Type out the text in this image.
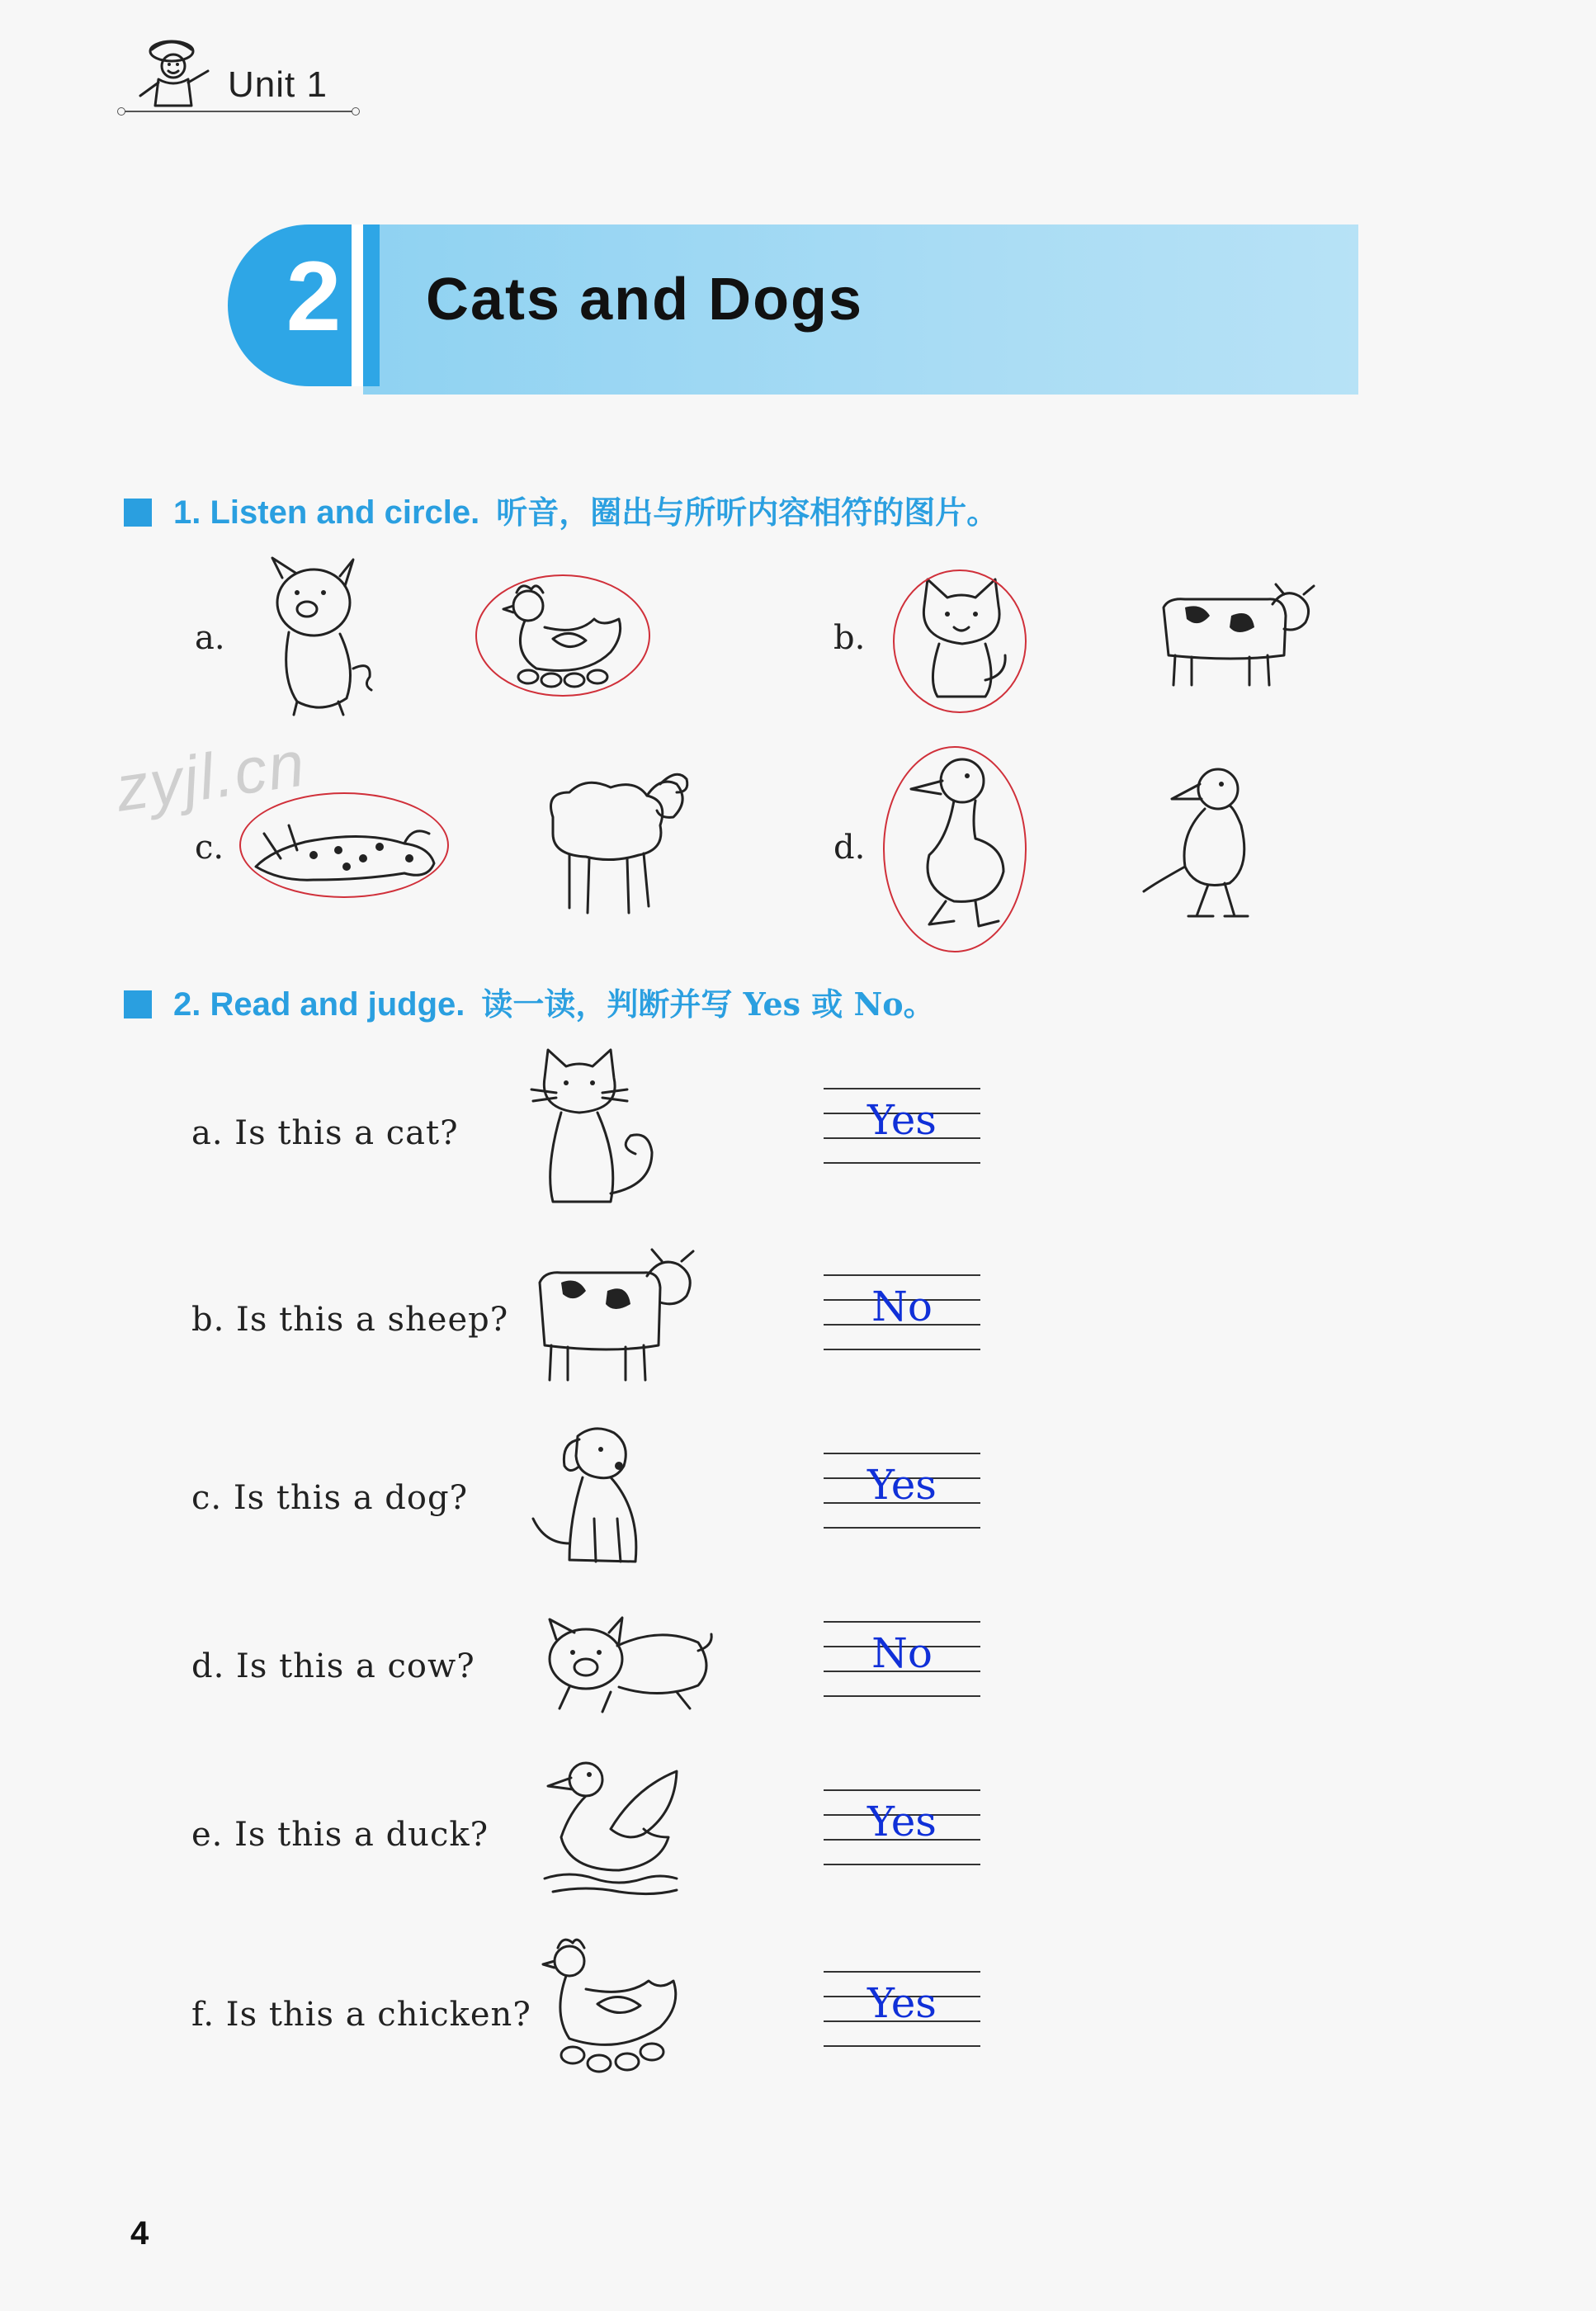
Unit 1
2	Cats and Dogs
1. Listen and circle. 听音，圈出与所听内容相符的图片。
a.	b.
c.	d.
zyjl.cn
2. Read and judge. 读一读，判断并写 Yes 或 No。
a. Is this a cat?	Yes
b. Is this a sheep?	No
c. Is this a dog?	Yes
d. Is this a cow?	No
e. Is this a duck?	Yes
f. Is this a chicken?	Yes
4
